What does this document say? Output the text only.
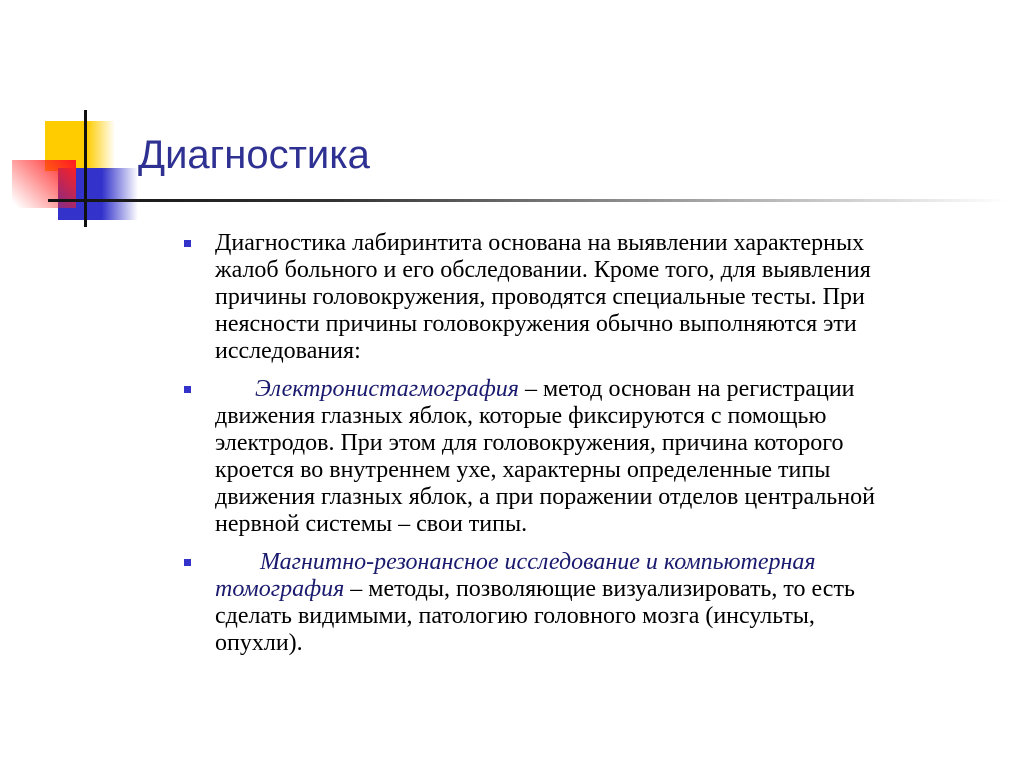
Диагностика
Диагностика лабиринтита основана на выявлении характерных
жалоб больного и его обследовании. Кроме того, для выявления
причины головокружения, проводятся специальные тесты. При
неясности причины головокружения обычно выполняются эти
исследования:
Электронистагмография – метод основан на регистрации
движения глазных яблок, которые фиксируются с помощью
электродов. При этом для головокружения, причина которого
кроется во внутреннем ухе, характерны определенные типы
движения глазных яблок, а при поражении отделов центральной
нервной системы – свои типы.
Магнитно-резонансное исследование и компьютерная
томография – методы, позволяющие визуализировать, то есть
сделать видимыми, патологию головного мозга (инсульты,
опухли).
